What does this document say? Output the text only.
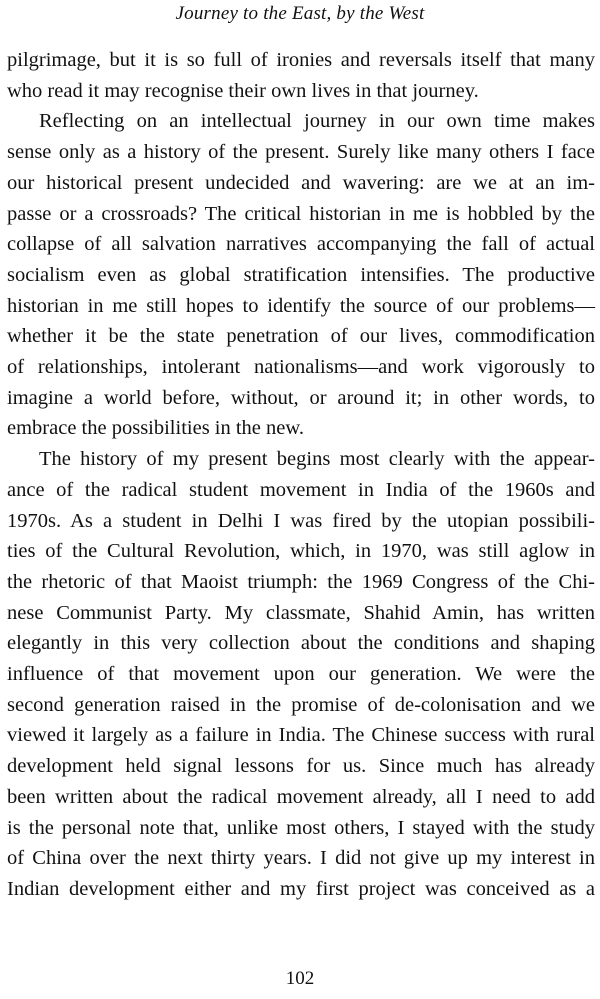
Journey to the East, by the West
pilgrimage, but it is so full of ironies and reversals itself that many
who read it may recognise their own lives in that journey.
Reflecting on an intellectual journey in our own time makes
sense only as a history of the present. Surely like many others I face
our historical present undecided and wavering: are we at an im-
passe or a crossroads? The critical historian in me is hobbled by the
collapse of all salvation narratives accompanying the fall of actual
socialism even as global stratification intensifies. The productive
historian in me still hopes to identify the source of our problems—
whether it be the state penetration of our lives, commodification
of relationships, intolerant nationalisms—and work vigorously to
imagine a world before, without, or around it; in other words, to
embrace the possibilities in the new.
The history of my present begins most clearly with the appear-
ance of the radical student movement in India of the 1960s and
1970s. As a student in Delhi I was fired by the utopian possibili-
ties of the Cultural Revolution, which, in 1970, was still aglow in
the rhetoric of that Maoist triumph: the 1969 Congress of the Chi-
nese Communist Party. My classmate, Shahid Amin, has written
elegantly in this very collection about the conditions and shaping
influence of that movement upon our generation. We were the
second generation raised in the promise of de-colonisation and we
viewed it largely as a failure in India. The Chinese success with rural
development held signal lessons for us. Since much has already
been written about the radical movement already, all I need to add
is the personal note that, unlike most others, I stayed with the study
of China over the next thirty years. I did not give up my interest in
Indian development either and my first project was conceived as a
102
